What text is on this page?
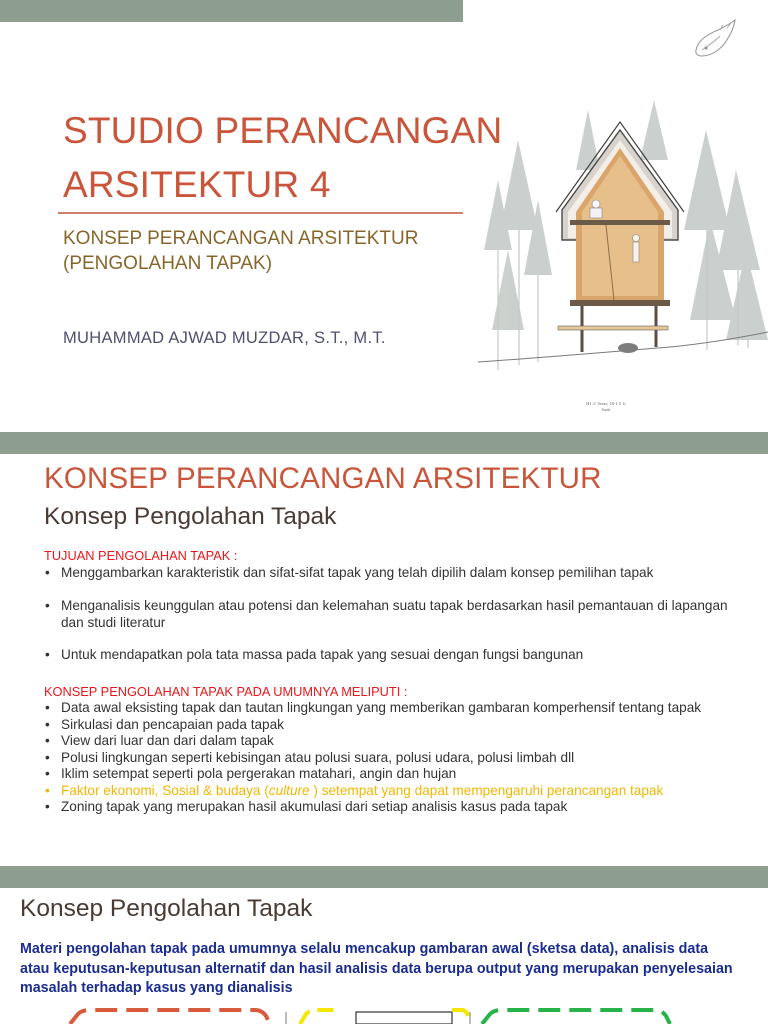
STUDIO PERANCANGAN
ARSITEKTUR 4
KONSEP PERANCANGAN ARSITEKTUR
(PENGOLAHAN TAPAK)
MUHAMMAD AJWAD MUZDAR, S.T., M.T.
H1:1/ Seras, 18-1.5 1r
Saatt
KONSEP PERANCANGAN ARSITEKTUR
Konsep Pengolahan Tapak
TUJUAN PENGOLAHAN TAPAK :
• Menggambarkan karakteristik dan sifat-sifat tapak yang telah dipilih dalam konsep pemilihan tapak
• Menganalisis keunggulan atau potensi dan kelemahan suatu tapak berdasarkan hasil pemantauan di lapangan dan studi literatur
• Untuk mendapatkan pola tata massa pada tapak yang sesuai dengan fungsi bangunan
KONSEP PENGOLAHAN TAPAK PADA UMUMNYA MELIPUTI :
• Data awal eksisting tapak dan tautan lingkungan yang memberikan gambaran komperhensif tentang tapak
• Sirkulasi dan pencapaian pada tapak
• View dari luar dan dari dalam tapak
• Polusi lingkungan seperti kebisingan atau polusi suara, polusi udara, polusi limbah dll
• Iklim setempat seperti pola pergerakan matahari, angin dan hujan
• Faktor ekonomi, Sosial & budaya (culture ) setempat yang dapat mempengaruhi perancangan tapak
• Zoning tapak yang merupakan hasil akumulasi dari setiap analisis kasus pada tapak
Konsep Pengolahan Tapak
Materi pengolahan tapak pada umumnya selalu mencakup gambaran awal (sketsa data), analisis data atau keputusan-keputusan alternatif dan hasil analisis data berupa output yang merupakan penyelesaian masalah terhadap kasus yang dianalisis
